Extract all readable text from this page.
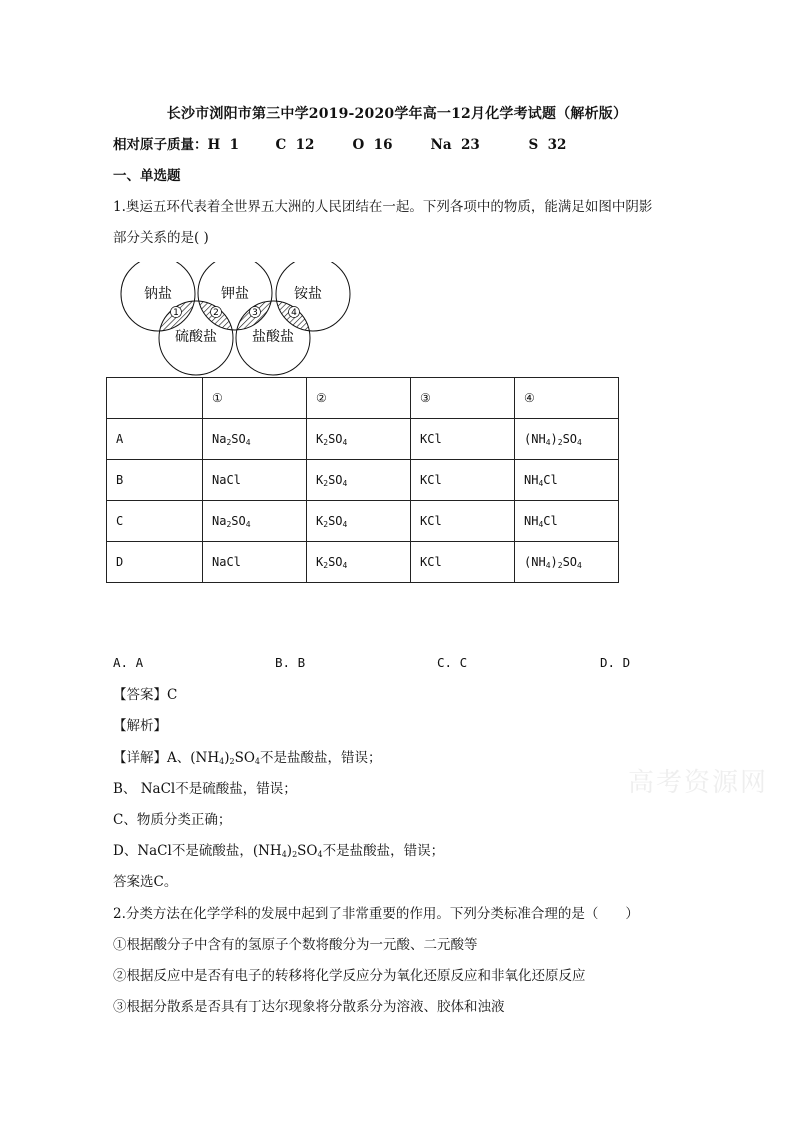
长沙市浏阳市第三中学2019-2020学年高一12月化学考试题（解析版）
相对原子质量： H 1	C 12	O 16	Na 23	S 32
一、单选题
1.奥运五环代表着全世界五大洲的人民团结在一起。下列各项中的物质，能满足如图中阴影
部分关系的是( )
1	2	3	4
钠盐	钾盐	铵盐
硫酸盐	盐酸盐
	①	②	③	④
A	$Na_2SO_4$	$K_2SO_4$	KCl	$(NH_4)_2SO_4$
B	NaCl	$K_2SO_4$	KCl	$NH_4Cl$
C	$Na_2SO_4$	$K_2SO_4$	KCl	$NH_4Cl$
D	NaCl	$K_2SO_4$	KCl	$(NH_4)_2SO_4$
A. A	B. B	C. C	D. D
【答案】C
【解析】
【详解】A、$(NH_4)_2SO_4$不是盐酸盐，错误；
B、 NaCl不是硫酸盐，错误；
C、物质分类正确；
D、NaCl不是硫酸盐，$(NH_4)_2SO_4$不是盐酸盐，错误；
答案选C。
2.分类方法在化学学科的发展中起到了非常重要的作用。下列分类标准合理的是（　　）
①根据酸分子中含有的氢原子个数将酸分为一元酸、二元酸等
②根据反应中是否有电子的转移将化学反应分为氧化还原反应和非氧化还原反应
③根据分散系是否具有丁达尔现象将分散系分为溶液、胶体和浊液
高考资源网
